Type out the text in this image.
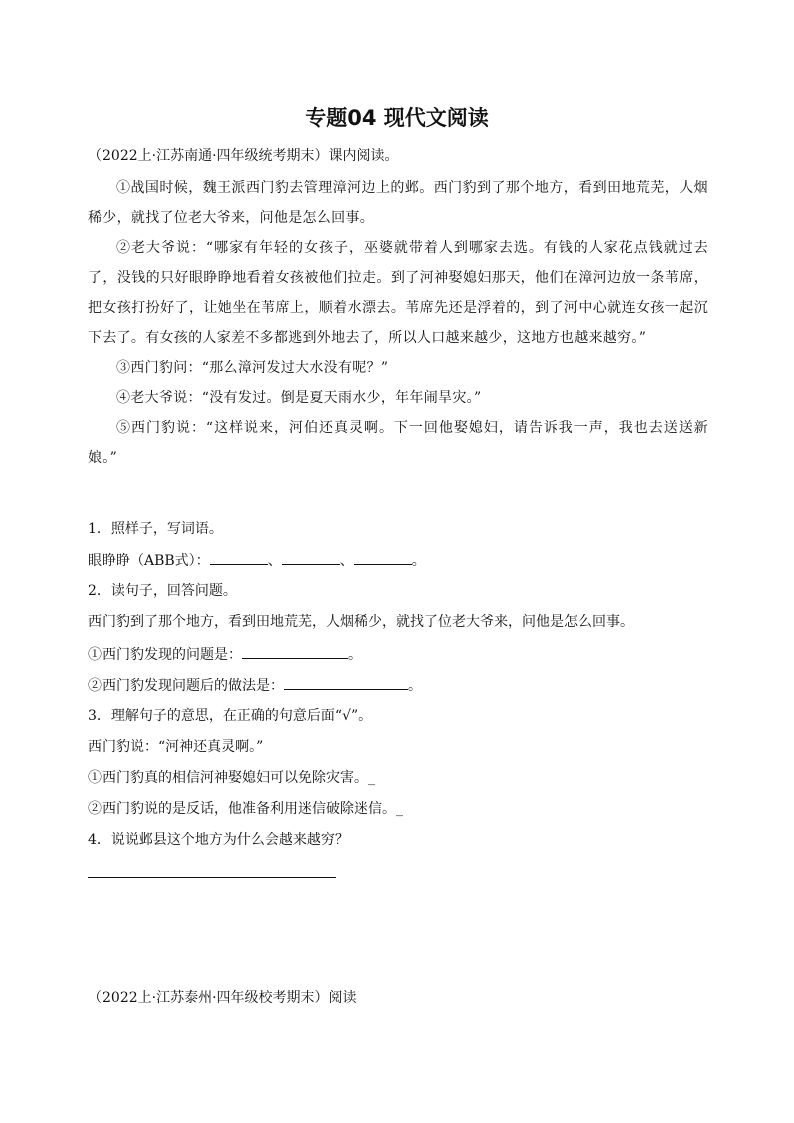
专题04 现代文阅读
（2022上·江苏南通·四年级统考期末）课内阅读。

①战国时候，魏王派西门豹去管理漳河边上的邺。西门豹到了那个地方，看到田地荒芜，人烟稀少，就找了位老大爷来，问他是怎么回事。

②老大爷说：“哪家有年轻的女孩子，巫婆就带着人到哪家去选。有钱的人家花点钱就过去了，没钱的只好眼睁睁地看着女孩被他们拉走。到了河神娶媳妇那天，他们在漳河边放一条苇席，把女孩打扮好了，让她坐在苇席上，顺着水漂去。苇席先还是浮着的，到了河中心就连女孩一起沉下去了。有女孩的人家差不多都逃到外地去了，所以人口越来越少，这地方也越来越穷。”

③西门豹问：“那么漳河发过大水没有呢？”

④老大爷说：“没有发过。倒是夏天雨水少，年年闹旱灾。”

⑤西门豹说：“这样说来，河伯还真灵啊。下一回他娶媳妇，请告诉我一声，我也去送送新娘。”

1．照样子，写词语。
眼睁睁（ABB式）：	、	、	。
2．读句子，回答问题。
西门豹到了那个地方，看到田地荒芜，人烟稀少，就找了位老大爷来，问他是怎么回事。
①西门豹发现的问题是：	。
②西门豹发现问题后的做法是：	。
3．理解句子的意思，在正确的句意后面“√”。
西门豹说：“河神还真灵啊。”
①西门豹真的相信河神娶媳妇可以免除灾害。_
②西门豹说的是反话，他准备利用迷信破除迷信。_
4．说说邺县这个地方为什么会越来越穷？
（2022上·江苏泰州·四年级校考期末）阅读
